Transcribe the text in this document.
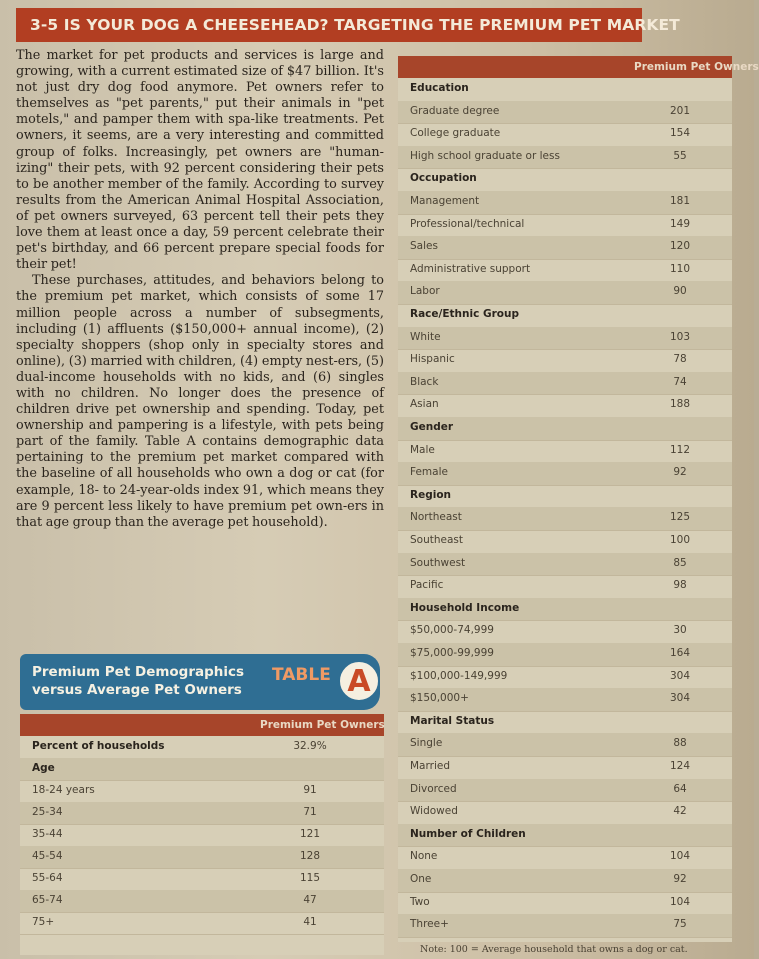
3-5 IS YOUR DOG A CHEESEHEAD? TARGETING THE PREMIUM PET MARKET

The market for pet products and services is large and growing, with a current estimated size of $47 billion. It's not just dry dog food anymore. Pet owners refer to themselves as "pet parents," put their animals in "pet motels," and pamper them with spa-like treatments. Pet owners, it seems, are a very interesting and committed group of folks. Increasingly, pet owners are "human-izing" their pets, with 92 percent considering their pets to be another member of the family. According to survey results from the American Animal Hospital Association, of pet owners surveyed, 63 percent tell their pets they love them at least once a day, 59 percent celebrate their pet's birthday, and 66 percent prepare special foods for their pet!

These purchases, attitudes, and behaviors belong to the premium pet market, which consists of some 17 million people across a number of subsegments, including (1) affluents ($150,000+ annual income), (2) specialty shoppers (shop only in specialty stores and online), (3) married with children, (4) empty nest-ers, (5) dual-income households with no kids, and (6) singles with no children. No longer does the presence of children drive pet ownership and spending. Today, pet ownership and pampering is a lifestyle, with pets being part of the family. Table A contains demographic data pertaining to the premium pet market compared with the baseline of all households who own a dog or cat (for example, 18- to 24-year-olds index 91, which means they are 9 percent less likely to have premium pet own-ers in that age group than the average pet household).

Premium Pet Demographics
versus Average Pet Owners
TABLE A
Premium Pet Owners
Percent of households	32.9%
Age
18-24 years	91
25-34	71
35-44	121
45-54	128
55-64	115
65-74	47
75+	41
Premium Pet Owners
Education
Graduate degree	201
College graduate	154
High school graduate or less	55
Occupation
Management	181
Professional/technical	149
Sales	120
Administrative support	110
Labor	90
Race/Ethnic Group
White	103
Hispanic	78
Black	74
Asian	188
Gender
Male	112
Female	92
Region
Northeast	125
Southeast	100
Southwest	85
Pacific	98
Household Income
$50,000-74,999	30
$75,000-99,999	164
$100,000-149,999	304
$150,000+	304
Marital Status
Single	88
Married	124
Divorced	64
Widowed	42
Number of Children
None	104
One	92
Two	104
Three+	75
Note: 100 = Average household that owns a dog or cat.
